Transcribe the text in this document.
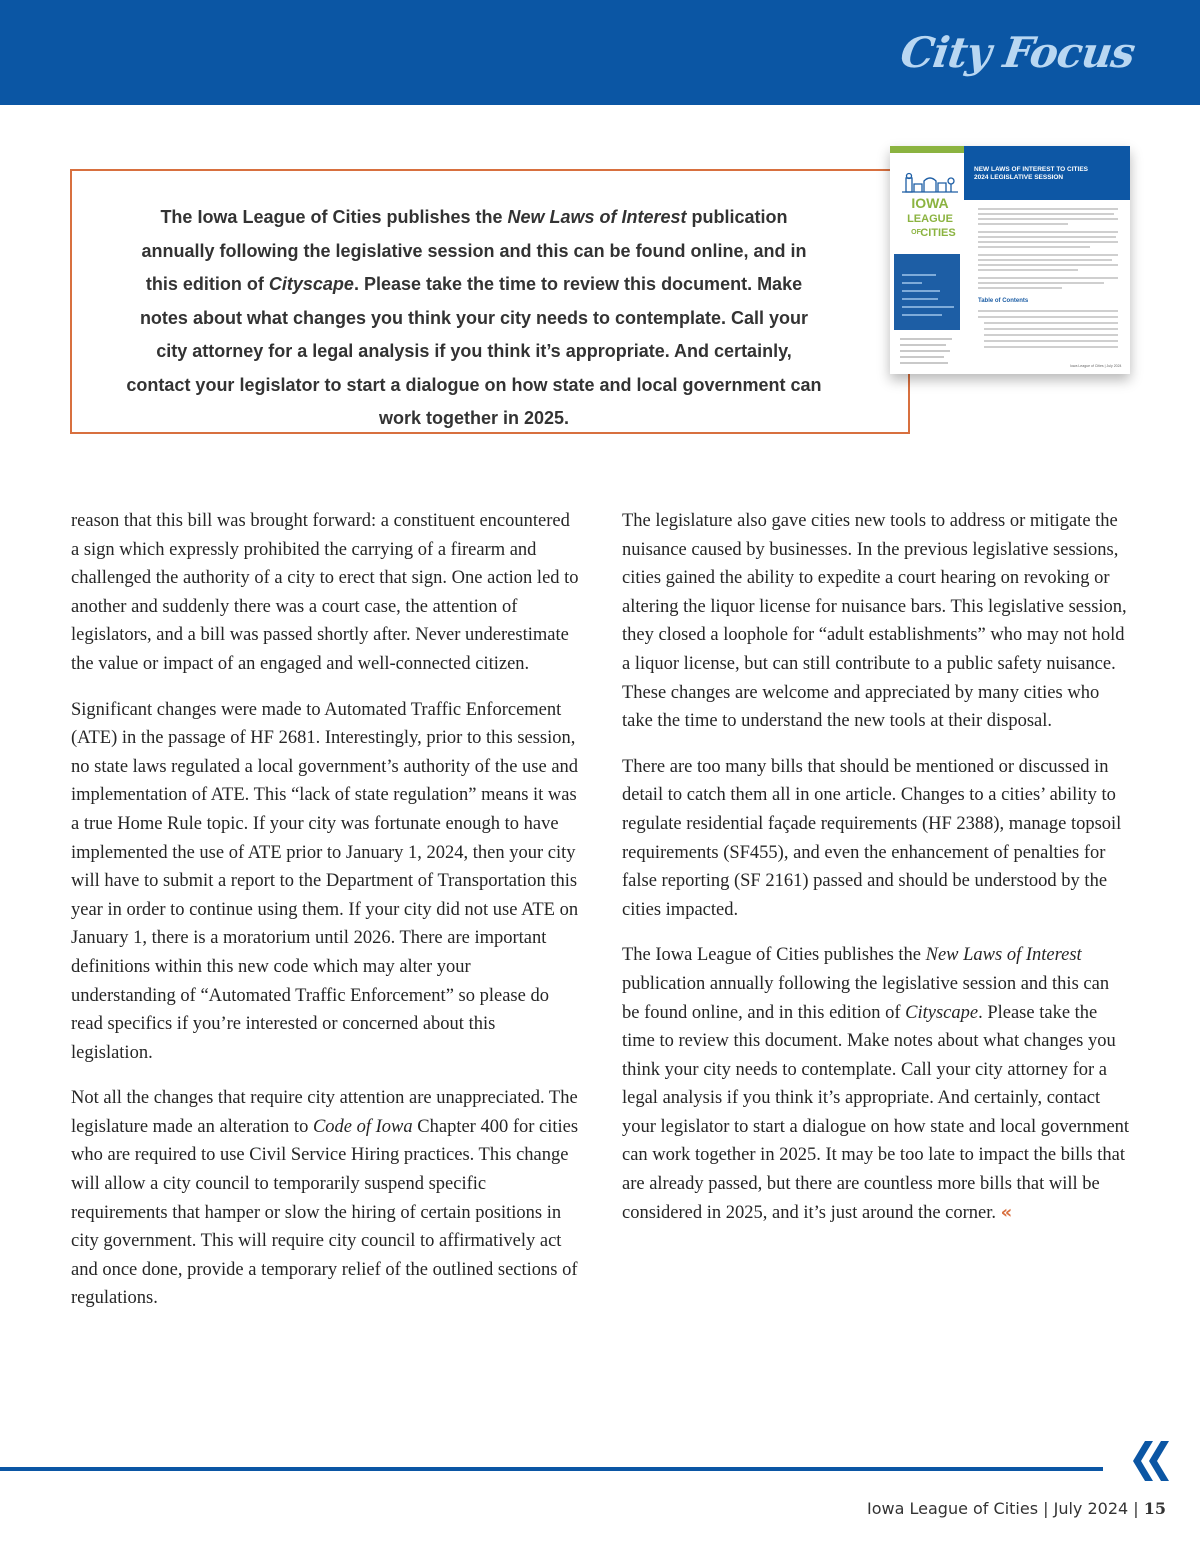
City Focus
The Iowa League of Cities publishes the New Laws of Interest publication annually following the legislative session and this can be found online, and in this edition of Cityscape. Please take the time to review this document. Make notes about what changes you think your city needs to contemplate. Call your city attorney for a legal analysis if you think it’s appropriate. And certainly, contact your legislator to start a dialogue on how state and local government can work together in 2025.
IOWA
LEAGUE
OF CITIES
NEW LAWS OF INTEREST TO CITIES
2024 LEGISLATIVE SESSION
Table of Contents
Iowa League of Cities | July 2024

reason that this bill was brought forward: a constituent encountered a sign which expressly prohibited the carrying of a firearm and challenged the authority of a city to erect that sign. One action led to another and suddenly there was a court case, the attention of legislators, and a bill was passed shortly after. Never underestimate the value or impact of an engaged and well-connected citizen.

Significant changes were made to Automated Traffic Enforcement (ATE) in the passage of HF 2681. Interestingly, prior to this session, no state laws regulated a local government’s authority of the use and implementation of ATE. This “lack of state regulation” means it was a true Home Rule topic. If your city was fortunate enough to have implemented the use of ATE prior to January 1, 2024, then your city will have to submit a report to the Department of Transportation this year in order to continue using them. If your city did not use ATE on January 1, there is a moratorium until 2026. There are important definitions within this new code which may alter your understanding of “Automated Traffic Enforcement” so please do read specifics if you’re interested or concerned about this legislation.

Not all the changes that require city attention are unappreciated. The legislature made an alteration to Code of Iowa Chapter 400 for cities who are required to use Civil Service Hiring practices. This change will allow a city council to temporarily suspend specific requirements that hamper or slow the hiring of certain positions in city government. This will require city council to affirmatively act and once done, provide a temporary relief of the outlined sections of regulations.

The legislature also gave cities new tools to address or mitigate the nuisance caused by businesses. In the previous legislative sessions, cities gained the ability to expedite a court hearing on revoking or altering the liquor license for nuisance bars. This legislative session, they closed a loophole for “adult establishments” who may not hold a liquor license, but can still contribute to a public safety nuisance. These changes are welcome and appreciated by many cities who take the time to understand the new tools at their disposal.

There are too many bills that should be mentioned or discussed in detail to catch them all in one article. Changes to a cities’ ability to regulate residential façade requirements (HF 2388), manage topsoil requirements (SF455), and even the enhancement of penalties for false reporting (SF 2161) passed and should be understood by the cities impacted.

The Iowa League of Cities publishes the New Laws of Interest publication annually following the legislative session and this can be found online, and in this edition of Cityscape. Please take the time to review this document. Make notes about what changes you think your city needs to contemplate. Call your city attorney for a legal analysis if you think it’s appropriate. And certainly, contact your legislator to start a dialogue on how state and local government can work together in 2025. It may be too late to impact the bills that are already passed, but there are countless more bills that will be considered in 2025, and it’s just around the corner. «

Iowa League of Cities | July 2024 | 15
